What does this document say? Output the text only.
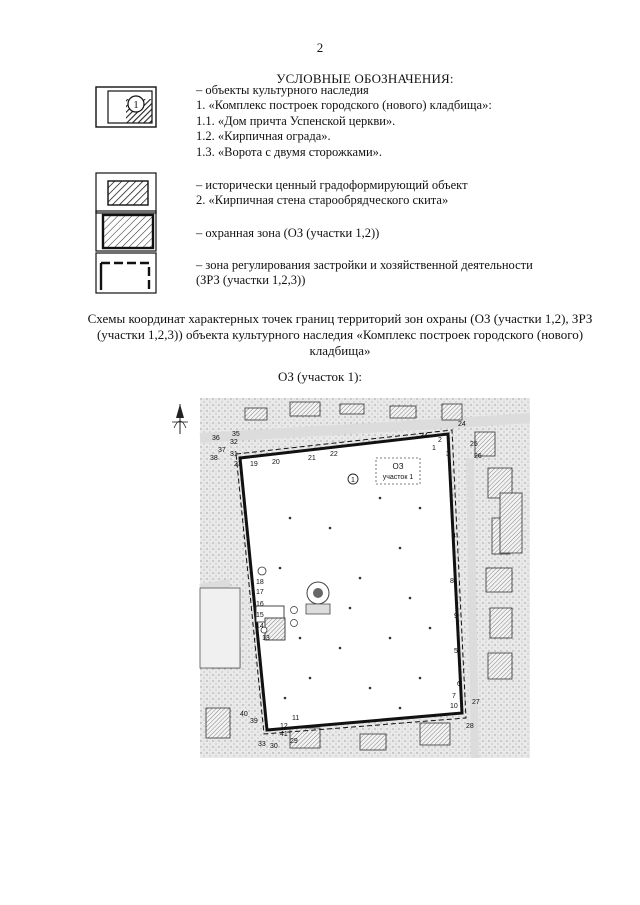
2
УСЛОВНЫЕ ОБОЗНАЧЕНИЯ:
1
– объекты культурного наследия
1. «Комплекс построек городского (нового) кладбища»:
1.1. «Дом причта Успенской церкви».
1.2. «Кирпичная ограда».
1.3. «Ворота с двумя сторожками».
– исторически ценный градоформирующий объект
2. «Кирпичная стена старообрядческого скита»
– охранная зона (ОЗ (участки 1,2))
– зона регулирования застройки и хозяйственной деятельности
(ЗРЗ (участки 1,2,3))
Схемы координат характерных точек границ территорий зон охраны (ОЗ (участки 1,2), ЗРЗ (участки 1,2,3)) объекта культурного наследия «Комплекс построек городского (нового) кладбища»
ОЗ (участок 1):
ОЗ
участок 1
1
1
2
3
4
5
6
7
8
9
10
11
12
13
14
15
16
17
18
19 20
21
22
23
24
25
26
27
28
29
30
31
32
33
34
35
36
37
38
39
40
41
